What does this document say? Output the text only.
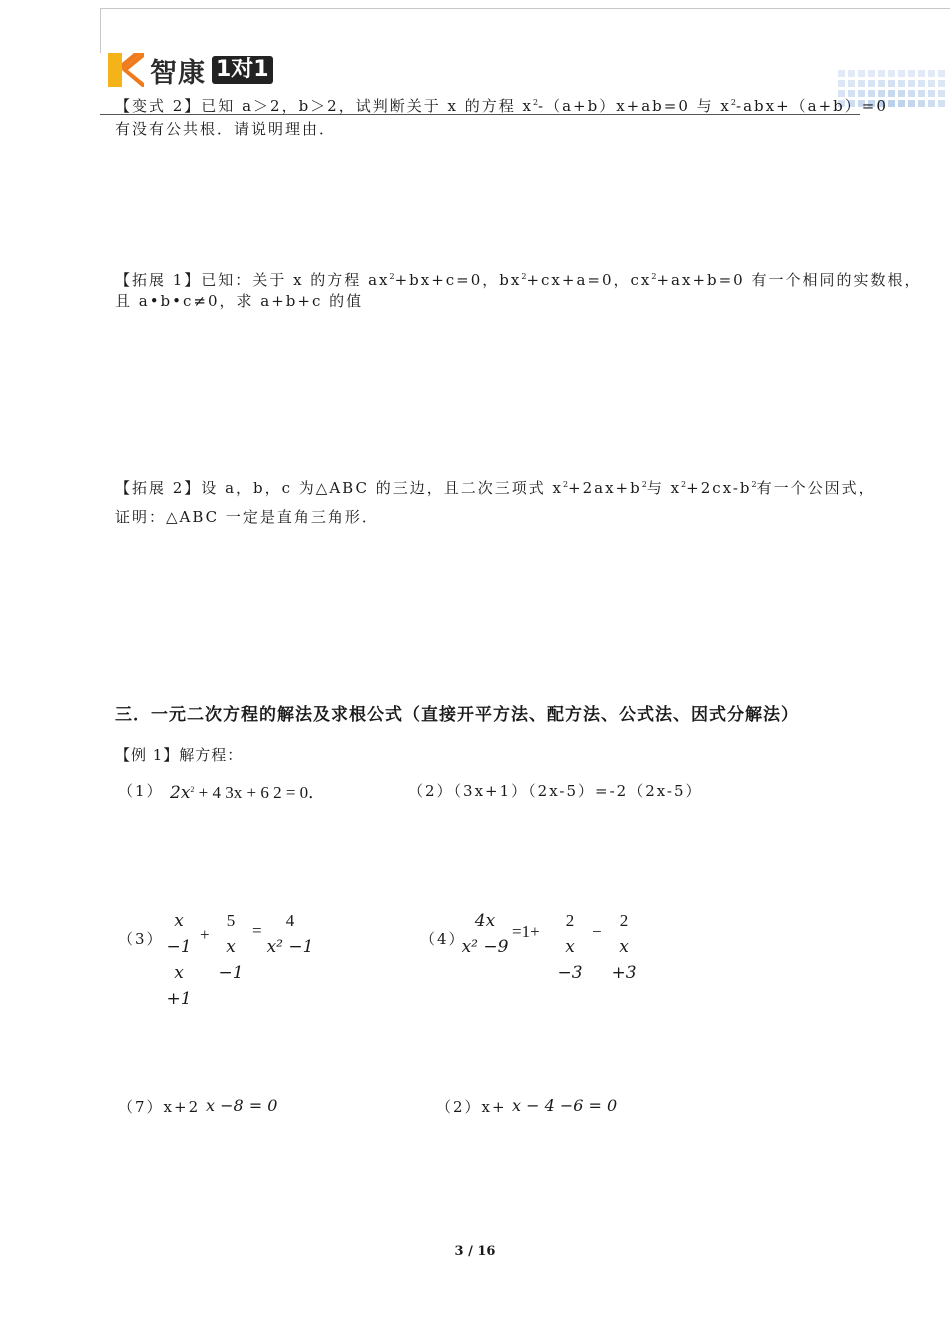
智康 1对1
【变式 2】已知 a＞2，b＞2，试判断关于 x 的方程 $x^2-(a+b)x+ab=0$ 与 $x^2-abx+(a+b)=0$
有没有公共根．请说明理由．
【拓展 1】已知：关于 x 的方程 $ax^2+bx+c=0$，$bx^2+cx+a=0$，$cx^2+ax+b=0$ 有一个相同的实数根，
且 a•b•c≠0，求 a+b+c 的值
【拓展 2】设 a，b，c 为△ABC 的三边，且二次三项式 $x^2+2ax+b^2$与 $x^2+2cx-b^2$有一个公因式，
证明：△ABC 一定是直角三角形．
三．一元二次方程的解法及求根公式（直接开平方法、配方法、公式法、因式分解法）
【例 1】解方程：
（1） $2x^2 + 4$ 3x + 6 2 = 0．	（2）（3x+1）（2x-5）=-2（2x-5）
（3）
x −1
x +1
+
5
x −1
=
4
x² −1	（4）
4x
x² −9
=1+
2
x −3
−
2
x +3
（7）x+2 x −8 = 0	（2）x+ x − 4 −6 = 0
3 / 16
